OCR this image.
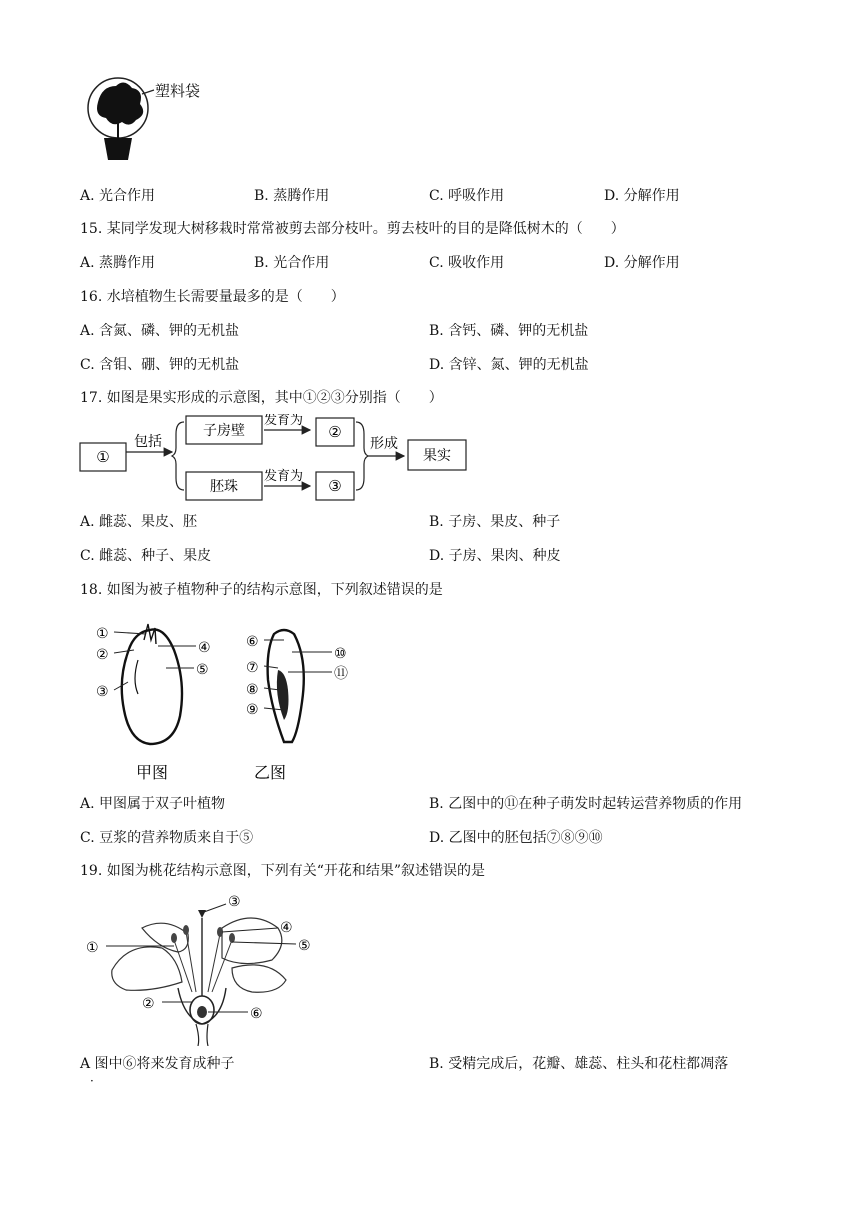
塑料袋
A. 光合作用	B. 蒸腾作用	C. 呼吸作用	D. 分解作用
15. 某同学发现大树移栽时常常被剪去部分枝叶。剪去枝叶的目的是降低树木的（　　）
A. 蒸腾作用	B. 光合作用	C. 吸收作用	D. 分解作用
16. 水培植物生长需要量最多的是（　　）
A. 含氮、磷、钾的无机盐	B. 含钙、磷、钾的无机盐
C. 含钼、硼、钾的无机盐	D. 含锌、氮、钾的无机盐
17. 如图是果实形成的示意图，其中①②③分别指（　　）
①
包括
子房壁
胚珠
发育为
发育为
②
③
形成
果实
A. 雌蕊、果皮、胚	B. 子房、果皮、种子
C. 雌蕊、种子、果皮	D. 子房、果肉、种皮
18. 如图为被子植物种子的结构示意图，下列叙述错误的是
①
②
③
④
⑤
甲图
⑥
⑦
⑧
⑨
⑩
⑪
乙图
A. 甲图属于双子叶植物	B. 乙图中的⑪在种子萌发时起转运营养物质的作用
C. 豆浆的营养物质来自于⑤	D. 乙图中的胚包括⑦⑧⑨⑩
19. 如图为桃花结构示意图，下列有关“开花和结果”叙述错误的是
①
②
③
④
⑤
⑥
A 图中⑥将来发育成种子
·
B. 受精完成后，花瓣、雄蕊、柱头和花柱都凋落
